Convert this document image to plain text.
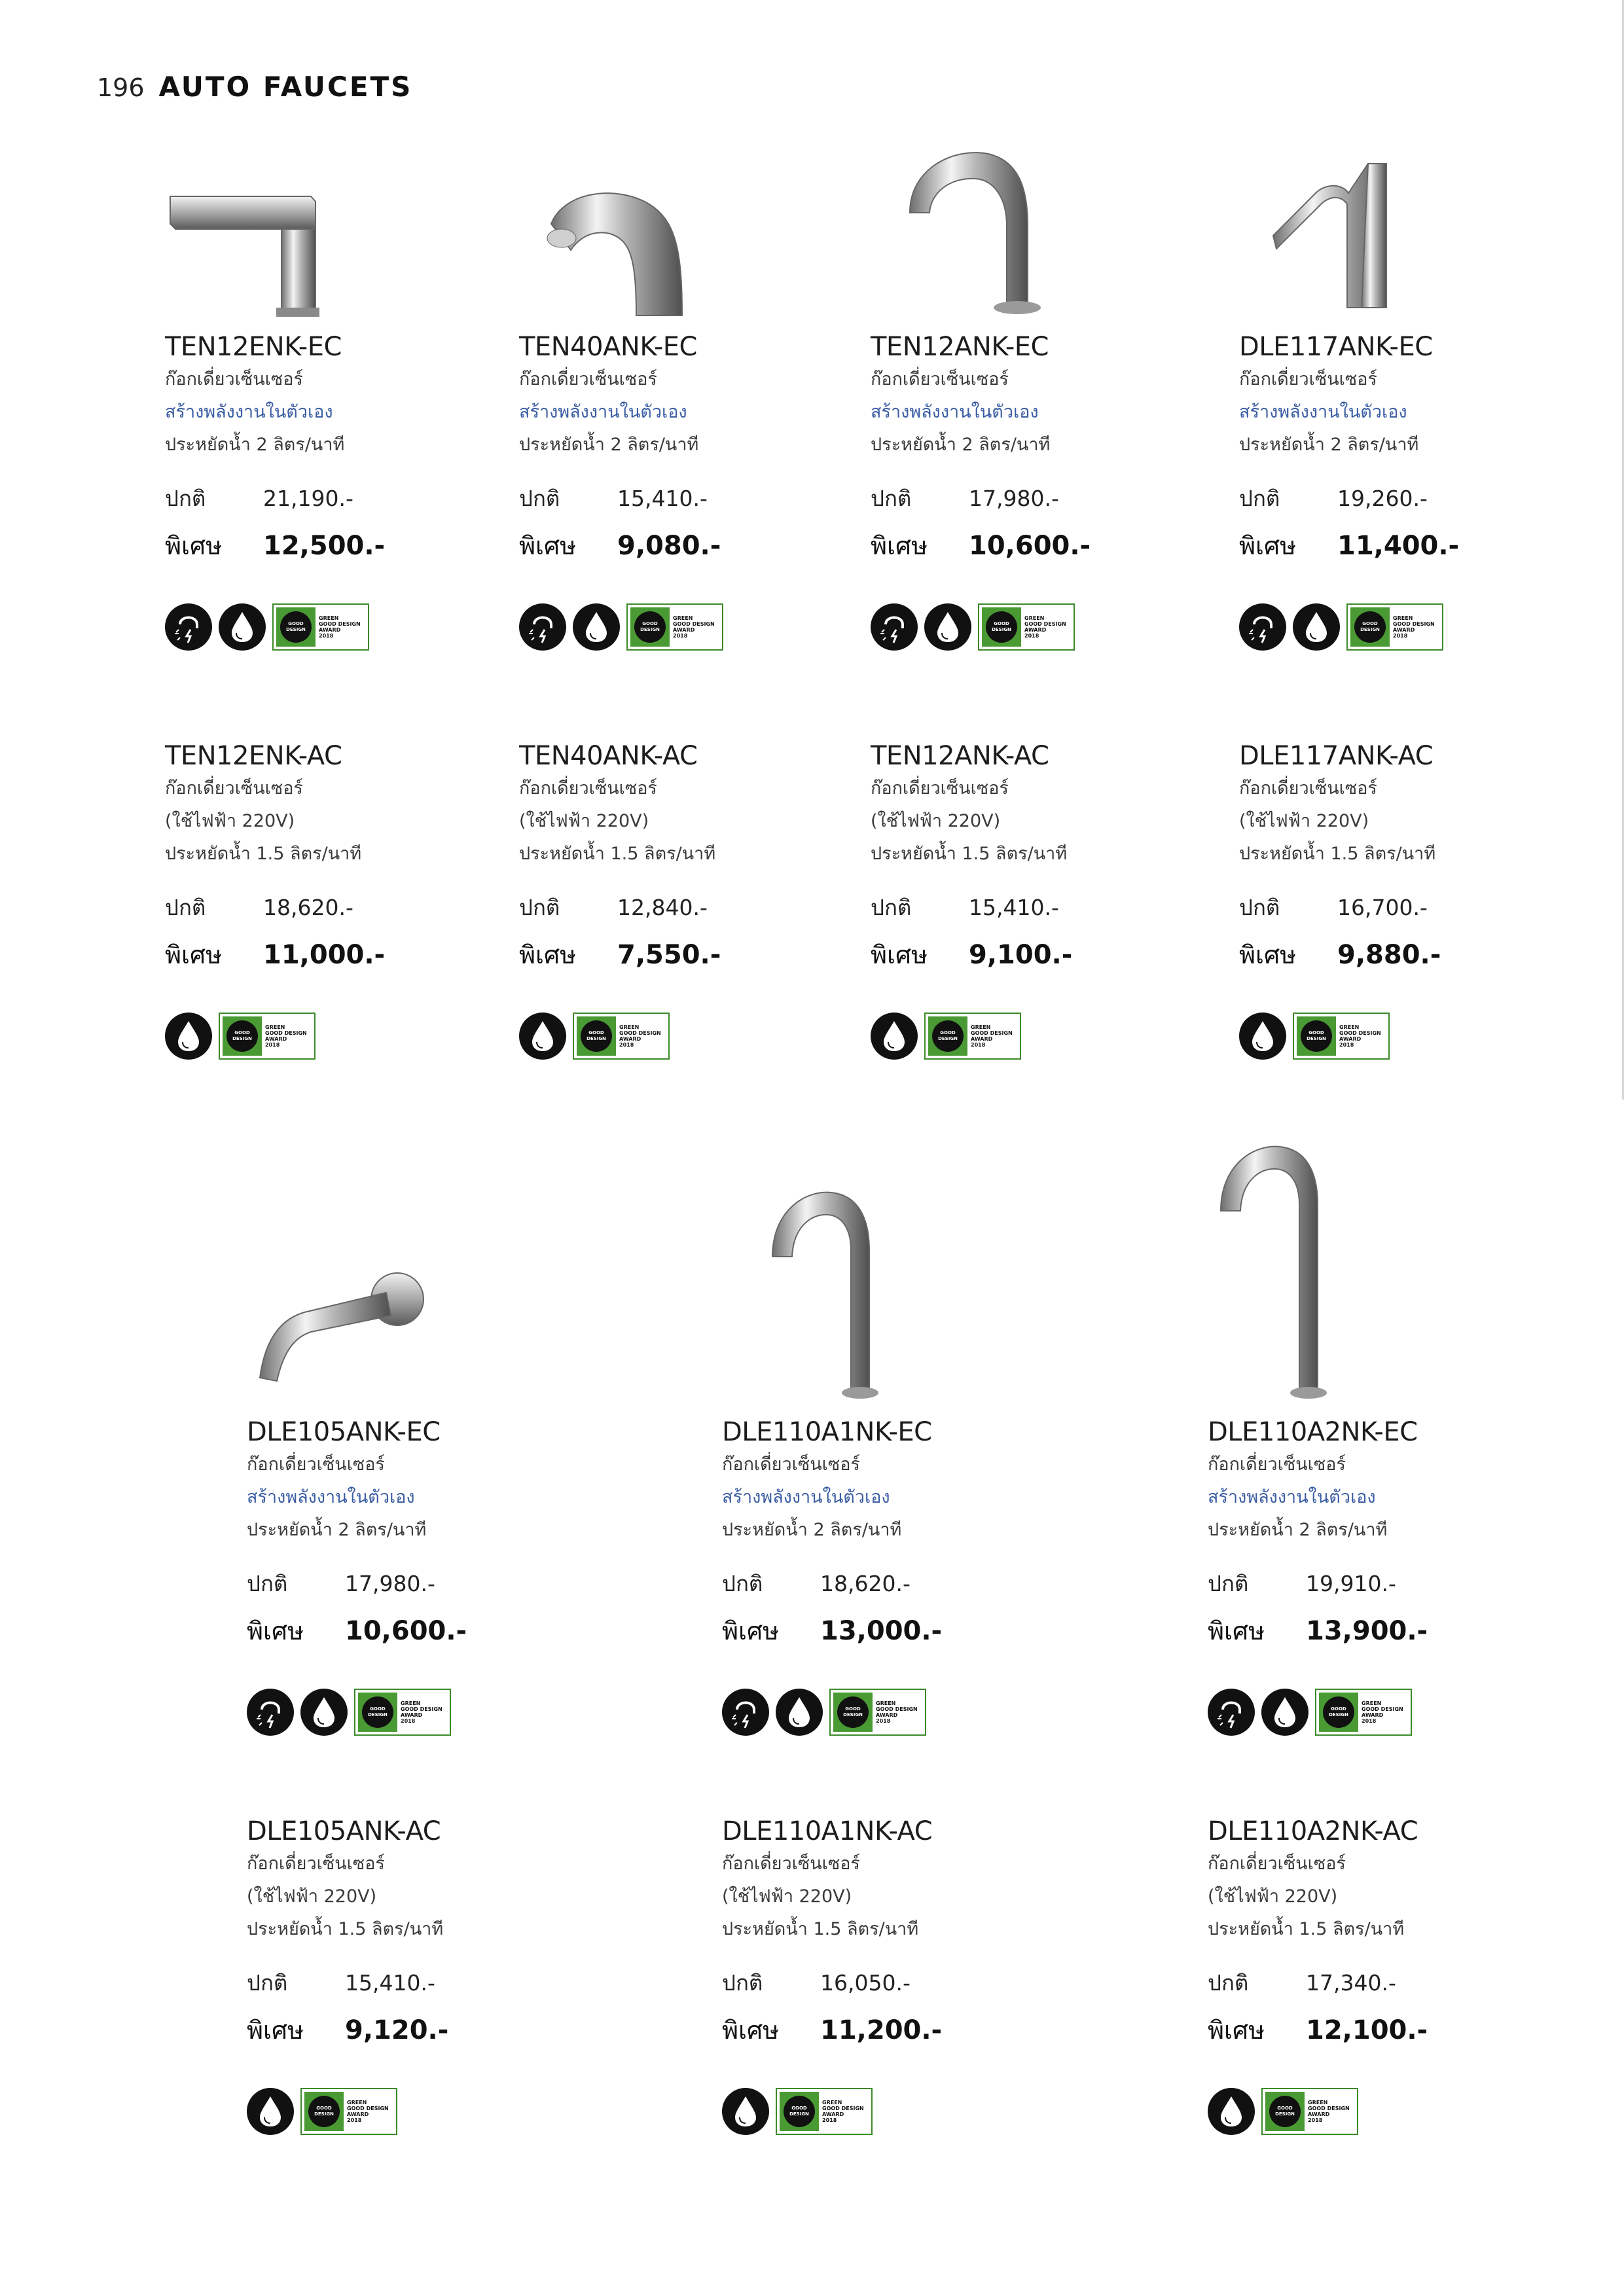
196 AUTO FAUCETS
TEN12ENK-EC
ก๊อกเดี่ยวเซ็นเซอร์
สร้างพลังงานในตัวเอง
ประหยัดน้ำ 2 ลิตร/นาที
ปกติ	21,190.-
พิเศษ	12,500.-
GOOD DESIGN
GREEN
GOOD DESIGN
AWARD
2018
TEN40ANK-EC
ก๊อกเดี่ยวเซ็นเซอร์
สร้างพลังงานในตัวเอง
ประหยัดน้ำ 2 ลิตร/นาที
ปกติ	15,410.-
พิเศษ	9,080.-
GOOD DESIGN
GREEN
GOOD DESIGN
AWARD
2018
TEN12ANK-EC
ก๊อกเดี่ยวเซ็นเซอร์
สร้างพลังงานในตัวเอง
ประหยัดน้ำ 2 ลิตร/นาที
ปกติ	17,980.-
พิเศษ	10,600.-
GOOD DESIGN
GREEN
GOOD DESIGN
AWARD
2018
DLE117ANK-EC
ก๊อกเดี่ยวเซ็นเซอร์
สร้างพลังงานในตัวเอง
ประหยัดน้ำ 2 ลิตร/นาที
ปกติ	19,260.-
พิเศษ	11,400.-
GOOD DESIGN
GREEN
GOOD DESIGN
AWARD
2018
TEN12ENK-AC
ก๊อกเดี่ยวเซ็นเซอร์
(ใช้ไฟฟ้า 220V)
ประหยัดน้ำ 1.5 ลิตร/นาที
ปกติ	18,620.-
พิเศษ	11,000.-
GOOD DESIGN
GREEN
GOOD DESIGN
AWARD
2018
TEN40ANK-AC
ก๊อกเดี่ยวเซ็นเซอร์
(ใช้ไฟฟ้า 220V)
ประหยัดน้ำ 1.5 ลิตร/นาที
ปกติ	12,840.-
พิเศษ	7,550.-
GOOD DESIGN
GREEN
GOOD DESIGN
AWARD
2018
TEN12ANK-AC
ก๊อกเดี่ยวเซ็นเซอร์
(ใช้ไฟฟ้า 220V)
ประหยัดน้ำ 1.5 ลิตร/นาที
ปกติ	15,410.-
พิเศษ	9,100.-
GOOD DESIGN
GREEN
GOOD DESIGN
AWARD
2018
DLE117ANK-AC
ก๊อกเดี่ยวเซ็นเซอร์
(ใช้ไฟฟ้า 220V)
ประหยัดน้ำ 1.5 ลิตร/นาที
ปกติ	16,700.-
พิเศษ	9,880.-
GOOD DESIGN
GREEN
GOOD DESIGN
AWARD
2018
DLE105ANK-EC
ก๊อกเดี่ยวเซ็นเซอร์
สร้างพลังงานในตัวเอง
ประหยัดน้ำ 2 ลิตร/นาที
ปกติ	17,980.-
พิเศษ	10,600.-
GOOD DESIGN
GREEN
GOOD DESIGN
AWARD
2018
DLE110A1NK-EC
ก๊อกเดี่ยวเซ็นเซอร์
สร้างพลังงานในตัวเอง
ประหยัดน้ำ 2 ลิตร/นาที
ปกติ	18,620.-
พิเศษ	13,000.-
GOOD DESIGN
GREEN
GOOD DESIGN
AWARD
2018
DLE110A2NK-EC
ก๊อกเดี่ยวเซ็นเซอร์
สร้างพลังงานในตัวเอง
ประหยัดน้ำ 2 ลิตร/นาที
ปกติ	19,910.-
พิเศษ	13,900.-
GOOD DESIGN
GREEN
GOOD DESIGN
AWARD
2018
DLE105ANK-AC
ก๊อกเดี่ยวเซ็นเซอร์
(ใช้ไฟฟ้า 220V)
ประหยัดน้ำ 1.5 ลิตร/นาที
ปกติ	15,410.-
พิเศษ	9,120.-
GOOD DESIGN
GREEN
GOOD DESIGN
AWARD
2018
DLE110A1NK-AC
ก๊อกเดี่ยวเซ็นเซอร์
(ใช้ไฟฟ้า 220V)
ประหยัดน้ำ 1.5 ลิตร/นาที
ปกติ	16,050.-
พิเศษ	11,200.-
GOOD DESIGN
GREEN
GOOD DESIGN
AWARD
2018
DLE110A2NK-AC
ก๊อกเดี่ยวเซ็นเซอร์
(ใช้ไฟฟ้า 220V)
ประหยัดน้ำ 1.5 ลิตร/นาที
ปกติ	17,340.-
พิเศษ	12,100.-
GOOD DESIGN
GREEN
GOOD DESIGN
AWARD
2018
